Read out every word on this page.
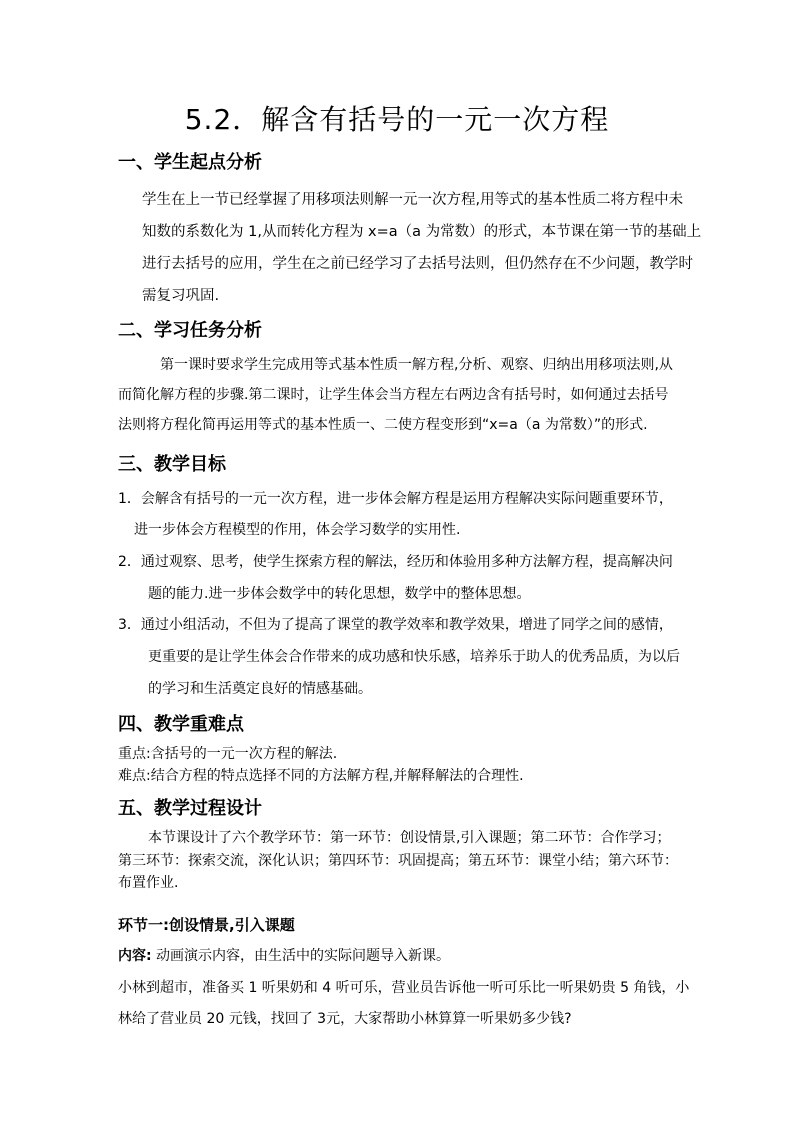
5.2．解含有括号的一元一次方程
一、学生起点分析
学生在上一节已经掌握了用移项法则解一元一次方程,用等式的基本性质二将方程中未
知数的系数化为 1,从而转化方程为 x=a（a 为常数）的形式，本节课在第一节的基础上
进行去括号的应用，学生在之前已经学习了去括号法则，但仍然存在不少问题，教学时
需复习巩固.
二、学习任务分析
第一课时要求学生完成用等式基本性质一解方程,分析、观察、归纳出用移项法则,从
而简化解方程的步骤.第二课时，让学生体会当方程左右两边含有括号时，如何通过去括号
法则将方程化简再运用等式的基本性质一、二使方程变形到“x=a（a 为常数）”的形式.
三、教学目标
1．会解含有括号的一元一次方程，进一步体会解方程是运用方程解决实际问题重要环节，
进一步体会方程模型的作用，体会学习数学的实用性.
2．通过观察、思考，使学生探索方程的解法，经历和体验用多种方法解方程，提高解决问
题的能力.进一步体会数学中的转化思想，数学中的整体思想。
3．通过小组活动，不但为了提高了课堂的教学效率和教学效果，增进了同学之间的感情，
更重要的是让学生体会合作带来的成功感和快乐感，培养乐于助人的优秀品质，为以后
的学习和生活奠定良好的情感基础。
四、教学重难点
重点:含括号的一元一次方程的解法.
难点:结合方程的特点选择不同的方法解方程,并解释解法的合理性.
五、教学过程设计
本节课设计了六个教学环节：第一环节：创设情景,引入课题；第二环节：合作学习；
第三环节：探索交流，深化认识；第四环节：巩固提高；第五环节：课堂小结；第六环节：
布置作业.
环节一:创设情景,引入课题
内容: 动画演示内容，由生活中的实际问题导入新课。
小林到超市，准备买 1 听果奶和 4 听可乐，营业员告诉他一听可乐比一听果奶贵 5 角钱，小
林给了营业员 20 元钱，找回了 3元，大家帮助小林算算一听果奶多少钱?
